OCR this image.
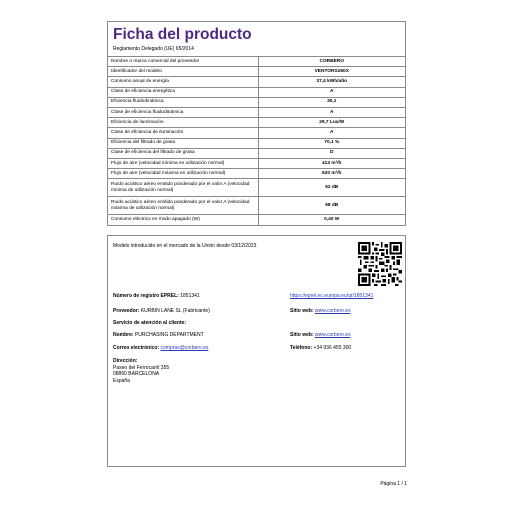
Ficha del producto
Reglamento Delegado (UE) 65/2014
Nombre o marca comercial del proveedor	CORBERO
Identificador del modelo	VENTORS260X
Consumo anual de energía	37,4 kWh/año
Clase de eficiencia energética	A
Eficiencia fluidodinámica	30,1
Clase de eficiencia fluidodinámica	A
Eficiencia de iluminación	29,7 Lux/W
Clase de eficiencia de iluminación	A
Eficiencia del filtrado de grasa	70,1 %
Clase de eficiencia del filtrado de grasa	D
Flujo de aire (velocidad mínima en utilización normal)	413 m³/h
Flujo de aire (velocidad máxima en utilización normal)	620 m³/h
Ruido acústico aéreo emitido ponderado por el valor A (velocidad mínima de utilización normal)	62 dB
Ruido acústico aéreo emitido ponderado por el valor A (velocidad máxima de utilización normal)	68 dB
Consumo eléctrico en modo apagado (W)	0,40 W
Modelo introducido en el mercado de la Unión desde 03/12/2023
Número de registro EPREL: 1851341	https://eprel.ec.europa.eu/qr/1851341
Proveedor: KURBIN LANE SL (Fabricante)	Sitio web: www.corbero.es
Servicio de atención al cliente:
Nombre: PURCHASING DEPARTMENT	Sitio web: www.corbero.es
Correo electrónico: compras@corbero.es	Teléfono: +34 936 455 300
Dirección:
Paseo del Ferrocarril 355
08860 BARCELONA
España
Página 1 / 1
